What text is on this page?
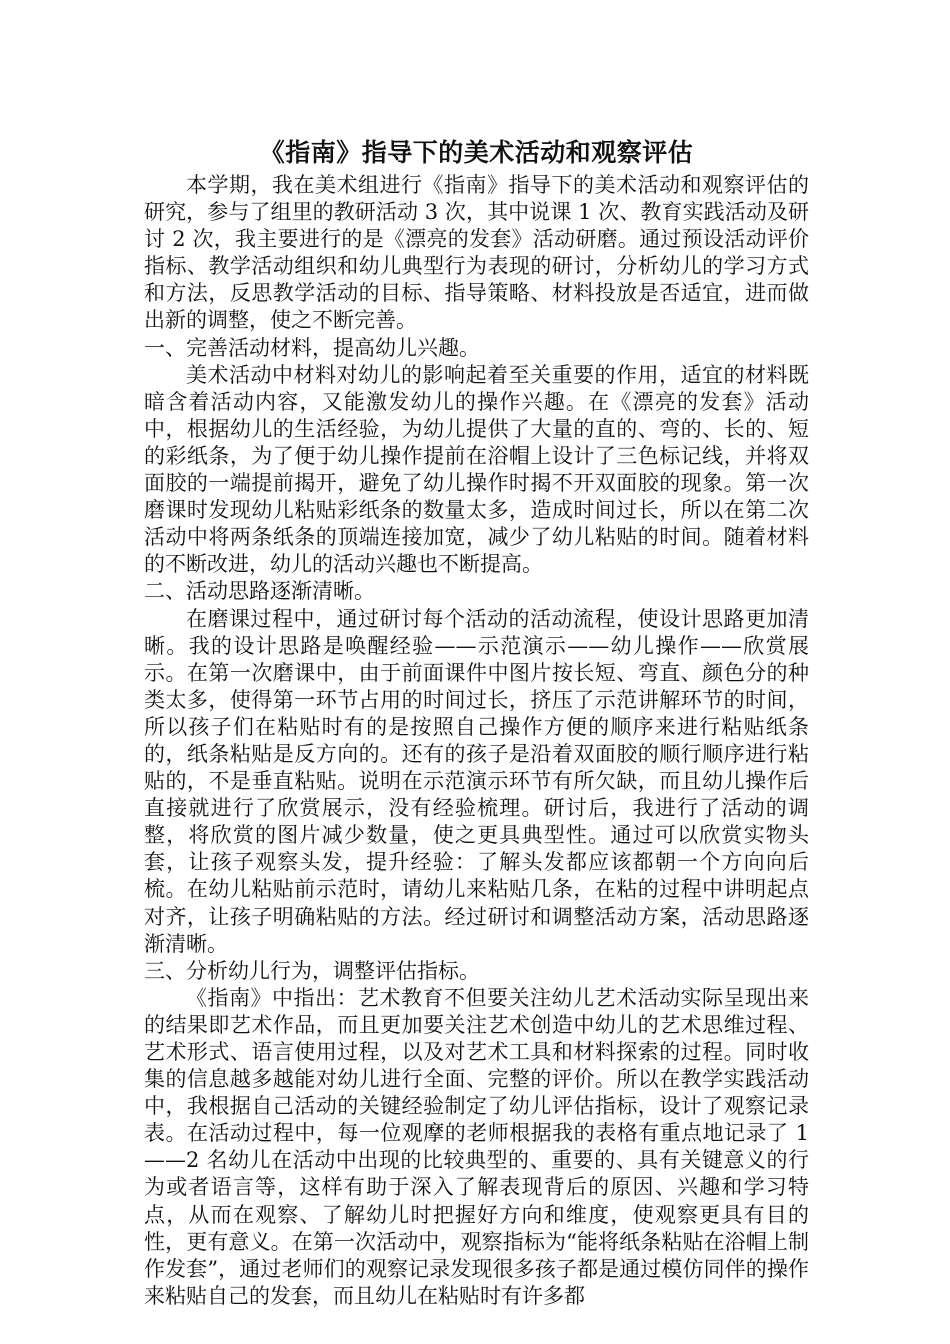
《指南》指导下的美术活动和观察评估

本学期，我在美术组进行《指南》指导下的美术活动和观察评估的研究，参与了组里的教研活动 3 次，其中说课 1 次、教育实践活动及研讨 2 次，我主要进行的是《漂亮的发套》活动研磨。通过预设活动评价指标、教学活动组织和幼儿典型行为表现的研讨，分析幼儿的学习方式和方法，反思教学活动的目标、指导策略、材料投放是否适宜，进而做出新的调整，使之不断完善。

一、完善活动材料，提高幼儿兴趣。

美术活动中材料对幼儿的影响起着至关重要的作用，适宜的材料既暗含着活动内容，又能激发幼儿的操作兴趣。在《漂亮的发套》活动中，根据幼儿的生活经验，为幼儿提供了大量的直的、弯的、长的、短的彩纸条，为了便于幼儿操作提前在浴帽上设计了三色标记线，并将双面胶的一端提前揭开，避免了幼儿操作时揭不开双面胶的现象。第一次磨课时发现幼儿粘贴彩纸条的数量太多，造成时间过长，所以在第二次活动中将两条纸条的顶端连接加宽，减少了幼儿粘贴的时间。随着材料的不断改进，幼儿的活动兴趣也不断提高。

二、活动思路逐渐清晰。

在磨课过程中，通过研讨每个活动的活动流程，使设计思路更加清晰。我的设计思路是唤醒经验——示范演示——幼儿操作——欣赏展示。在第一次磨课中，由于前面课件中图片按长短、弯直、颜色分的种类太多，使得第一环节占用的时间过长，挤压了示范讲解环节的时间，所以孩子们在粘贴时有的是按照自己操作方便的顺序来进行粘贴纸条的，纸条粘贴是反方向的。还有的孩子是沿着双面胶的顺行顺序进行粘贴的，不是垂直粘贴。说明在示范演示环节有所欠缺，而且幼儿操作后直接就进行了欣赏展示，没有经验梳理。研讨后，我进行了活动的调整，将欣赏的图片减少数量，使之更具典型性。通过可以欣赏实物头套，让孩子观察头发，提升经验：了解头发都应该都朝一个方向向后梳。在幼儿粘贴前示范时，请幼儿来粘贴几条，在粘的过程中讲明起点对齐，让孩子明确粘贴的方法。经过研讨和调整活动方案，活动思路逐渐清晰。

三、分析幼儿行为，调整评估指标。

《指南》中指出：艺术教育不但要关注幼儿艺术活动实际呈现出来的结果即艺术作品，而且更加要关注艺术创造中幼儿的艺术思维过程、艺术形式、语言使用过程，以及对艺术工具和材料探索的过程。同时收集的信息越多越能对幼儿进行全面、完整的评价。所以在教学实践活动中，我根据自己活动的关键经验制定了幼儿评估指标，设计了观察记录表。在活动过程中，每一位观摩的老师根据我的表格有重点地记录了 1——2 名幼儿在活动中出现的比较典型的、重要的、具有关键意义的行为或者语言等，这样有助于深入了解表现背后的原因、兴趣和学习特点，从而在观察、了解幼儿时把握好方向和维度，使观察更具有目的性，更有意义。在第一次活动中，观察指标为“能将纸条粘贴在浴帽上制作发套”，通过老师们的观察记录发现很多孩子都是通过模仿同伴的操作来粘贴自己的发套，而且幼儿在粘贴时有许多都
